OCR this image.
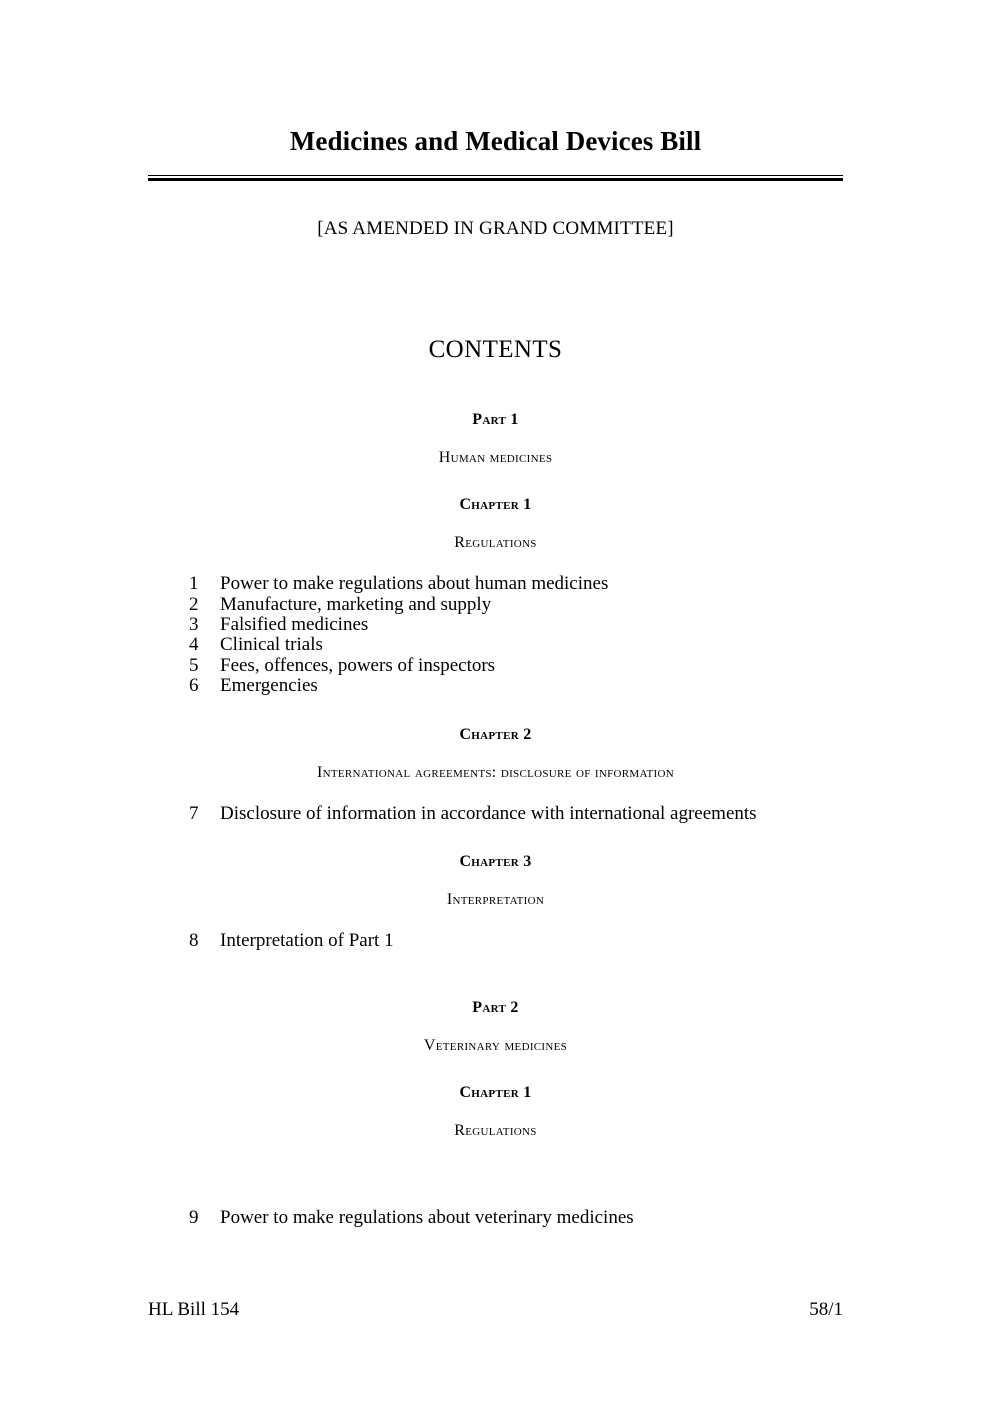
Medicines and Medical Devices Bill
[AS AMENDED IN GRAND COMMITTEE]
CONTENTS
Part 1
Human medicines
Chapter 1
Regulations
1	Power to make regulations about human medicines
2	Manufacture, marketing and supply
3	Falsified medicines
4	Clinical trials
5	Fees, offences, powers of inspectors
6	Emergencies
Chapter 2
International agreements: disclosure of information
7	Disclosure of information in accordance with international agreements
Chapter 3
Interpretation
8	Interpretation of Part 1
Part 2
Veterinary medicines
Chapter 1
Regulations
9	Power to make regulations about veterinary medicines
HL Bill 154	58/1
